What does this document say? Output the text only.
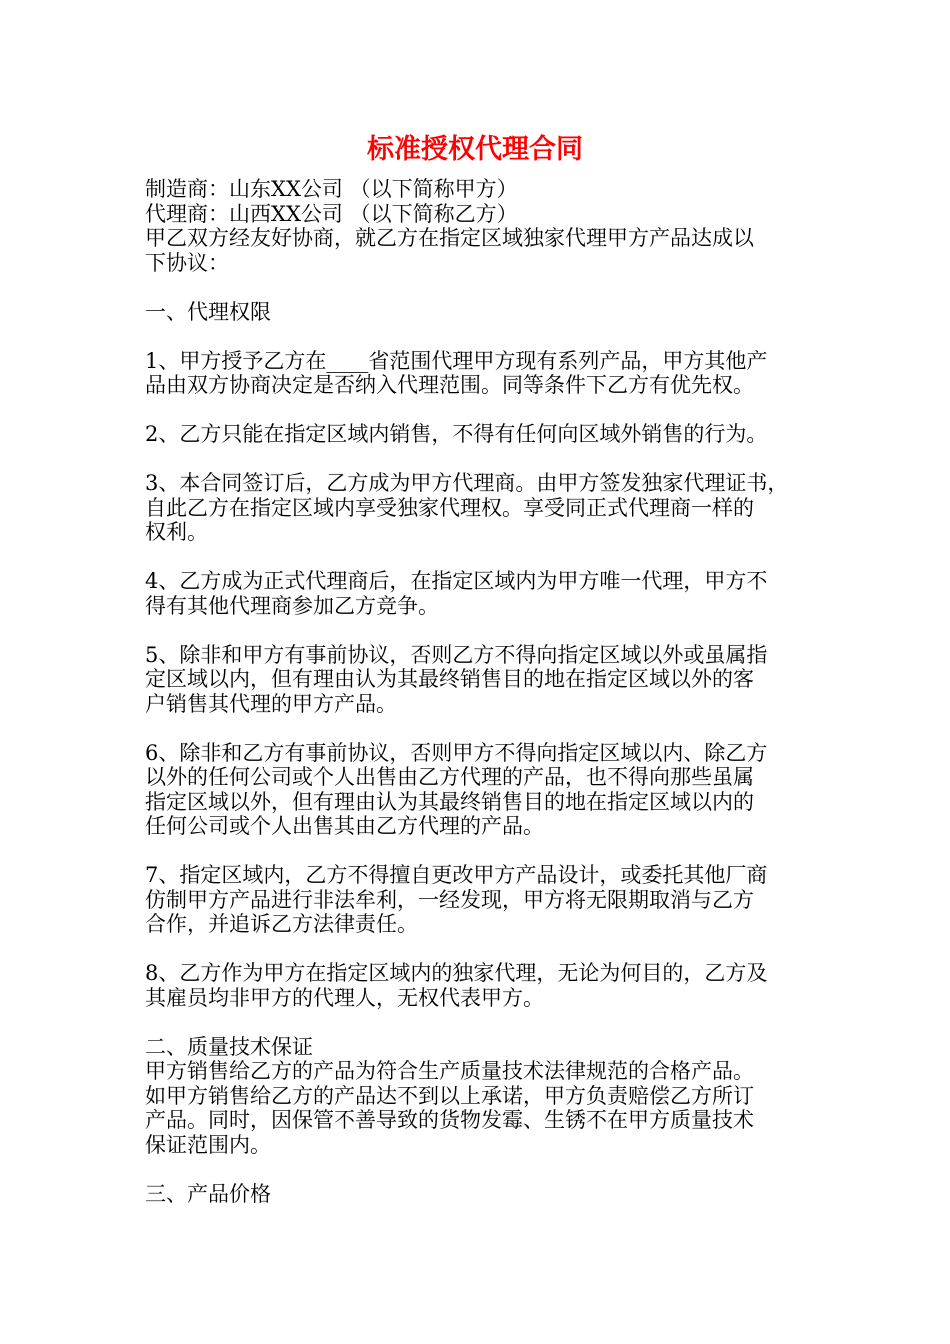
标准授权代理合同
制造商：山东XX公司 （以下简称甲方）
代理商：山西XX公司 （以下简称乙方）
甲乙双方经友好协商，就乙方在指定区域独家代理甲方产品达成以
下协议：
一、代理权限
1、甲方授予乙方在____省范围代理甲方现有系列产品，甲方其他产
品由双方协商决定是否纳入代理范围。同等条件下乙方有优先权。
2、乙方只能在指定区域内销售，不得有任何向区域外销售的行为。
3、本合同签订后，乙方成为甲方代理商。由甲方签发独家代理证书，
自此乙方在指定区域内享受独家代理权。享受同正式代理商一样的
权利。
4、乙方成为正式代理商后，在指定区域内为甲方唯一代理，甲方不
得有其他代理商参加乙方竞争。
5、除非和甲方有事前协议，否则乙方不得向指定区域以外或虽属指
定区域以内，但有理由认为其最终销售目的地在指定区域以外的客
户销售其代理的甲方产品。
6、除非和乙方有事前协议，否则甲方不得向指定区域以内、除乙方
以外的任何公司或个人出售由乙方代理的产品，也不得向那些虽属
指定区域以外，但有理由认为其最终销售目的地在指定区域以内的
任何公司或个人出售其由乙方代理的产品。
7、指定区域内，乙方不得擅自更改甲方产品设计，或委托其他厂商
仿制甲方产品进行非法牟利，一经发现，甲方将无限期取消与乙方
合作，并追诉乙方法律责任。
8、乙方作为甲方在指定区域内的独家代理，无论为何目的，乙方及
其雇员均非甲方的代理人，无权代表甲方。
二、质量技术保证
甲方销售给乙方的产品为符合生产质量技术法律规范的合格产品。
如甲方销售给乙方的产品达不到以上承诺，甲方负责赔偿乙方所订
产品。同时，因保管不善导致的货物发霉、生锈不在甲方质量技术
保证范围内。
三、产品价格
